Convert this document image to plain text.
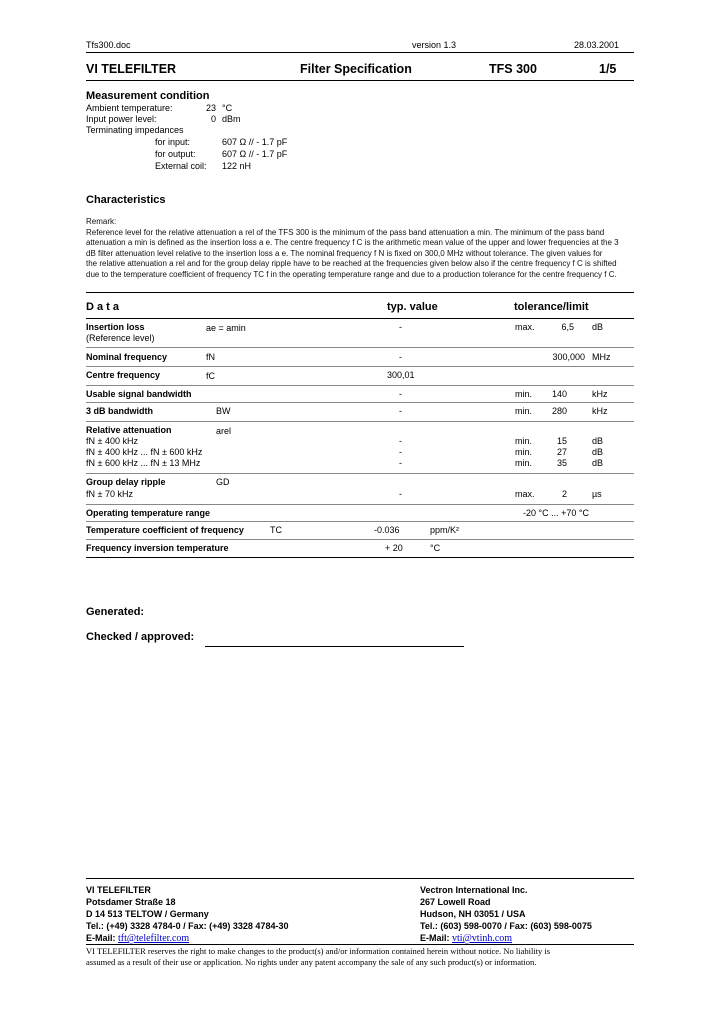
Tfs300.doc	version 1.3	28.03.2001
VI TELEFILTER	Filter Specification	TFS 300	1/5
Measurement condition
Ambient temperature:	23 °C
Input power level:	0 dBm
Terminating impedances
for input:	607 Ω // - 1.7 pF
for output:	607 Ω // - 1.7 pF
External coil: 122 nH
Characteristics
Remark:
Reference level for the relative attenuation a rel of the TFS 300 is the minimum of the pass band attenuation a min. The minimum of the pass band
attenuation a min is defined as the insertion loss a e. The centre frequency f C is the arithmetic mean value of the upper and lower frequencies at the 3
dB filter attenuation level relative to the insertion loss a e. The nominal frequency f N is fixed on 300,0 MHz without tolerance. The given values for
the relative attenuation a rel and for the group delay ripple have to be reached at the frequencies given below also if the centre frequency f C is shifted
due to the temperature coefficient of frequency TC f in the operating temperature range and due to a production tolerance for the centre frequency f C.
D a t a	typ. value	tolerance/limit
Insertion loss
(Reference level)
ae = amin	-	max.	6,5 dB
Nominal frequency	fN	-	300,000 MHz
Centre frequency	fC	300,01
Usable signal bandwidth	-	min.	140	kHz
3 dB bandwidth	BW	-	min.	280	kHz
Relative attenuation	arel
fN ± 400 kHz	-	min.	15	dB
fN ± 400 kHz ... fN ± 600 kHz	-	min.	27	dB
fN ± 600 kHz ... fN ± 13 MHz	-	min.	35	dB
Group delay ripple	GD
fN ± 70 kHz	-	max.	2	µs
Operating temperature range	-20 °C ... +70 °C
Temperature coefficient of frequency	TC	-0.036	ppm/K²
Frequency inversion temperature	+ 20	°C
Generated:
Checked / approved:
VI TELEFILTER
Potsdamer Straße 18
D 14 513 TELTOW / Germany
Tel.: (+49) 3328 4784-0 / Fax: (+49) 3328 4784-30
E-Mail: tft@telefilter.com
Vectron International Inc.
267 Lowell Road
Hudson, NH 03051 / USA
Tel.: (603) 598-0070 / Fax: (603) 598-0075
E-Mail: vti@vtinh.com
VI TELEFILTER reserves the right to make changes to the product(s) and/or information contained herein without notice. No liability is
assumed as a result of their use or application. No rights under any patent accompany the sale of any such product(s) or information.
